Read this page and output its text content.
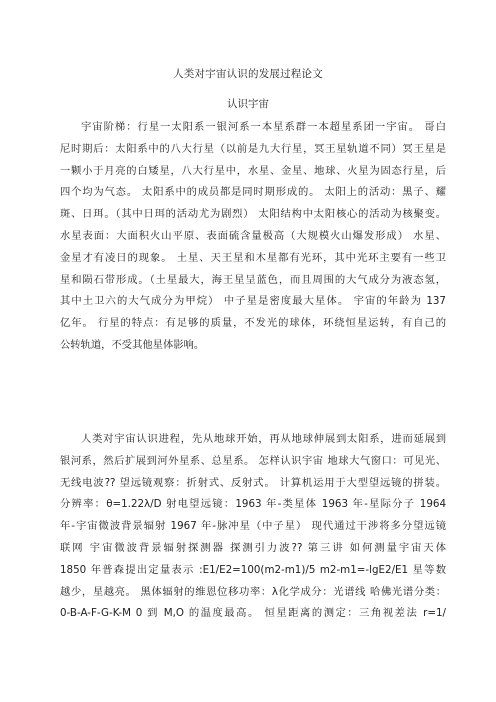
人类对宇宙认识的发展过程论文
认识宇宙
宇宙阶梯：行星一太阳系一银河系一本星系群一本超星系团一宇宙。 哥白
尼时期后：太阳系中的八大行星（以前是九大行星，冥王星轨道不同）冥王星是
一颗小于月亮的白矮星，八大行星中，水星、金星、地球、火星为固态行星，后
四个均为气态。 太阳系中的成员都是同时期形成的。 太阳上的活动：黑子、耀
斑、日珥。（其中日珥的活动尤为剧烈） 太阳结构中太阳核心的活动为核聚变。
水星表面：大面积火山平原、表面硫含量极高（大规模火山爆发形成） 水星、
金星才有凌日的现象。 土星、天王星和木星都有光环，其中光环主要有一些卫
星和陨石带形成。（土星最大，海王星呈蓝色，而且周围的大气成分为液态氢，
其中土卫六的大气成分为甲烷） 中子星是密度最大星体。 宇宙的年龄为 137
亿年。 行星的特点：有足够的质量，不发光的球体，环绕恒星运转，有自己的
公转轨道，不受其他星体影响。
人类对宇宙认识进程，先从地球开始，再从地球伸展到太阳系，进而延展到
银河系，然后扩展到河外星系、总星系。 怎样认识宇宙 地球大气窗口：可见光、
无线电波?? 望远镜观察：折射式、反射式。 计算机运用于大型望远镜的拼装。
分辨率：θ=1.22λ/D 射电望远镜：1963 年-类星体 1963 年-星际分子 1964
年-宇宙微波背景辐射 1967 年-脉冲星（中子星） 现代通过干涉将多分望远镜
联网 宇宙微波背景辐射探测器 探测引力波?? 第三讲 如何测量宇宙天体
1850 年普森提出定量表示 :E1/E2=100(m2-m1)/5 m2-m1=-lgE2/E1 星等数
越少，星越亮。 黑体辐射的维恩位移功率：λ化学成分：光谱线 哈佛光谱分类：
0-B-A-F-G-K-M 0 到 M,O 的温度最高。 恒星距离的测定：三角视差法 r=1/
